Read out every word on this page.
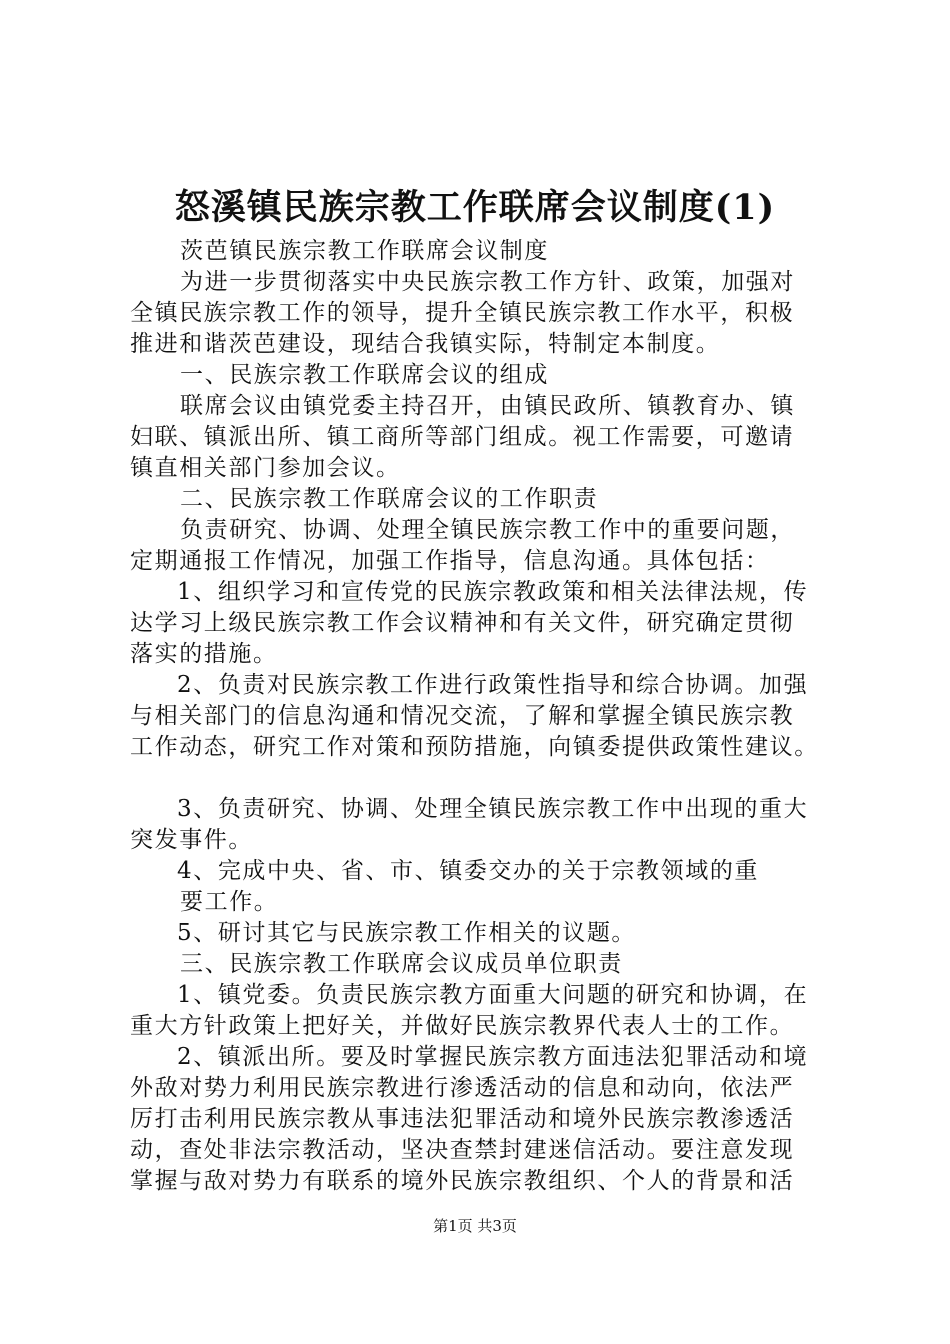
怒溪镇民族宗教工作联席会议制度(1)
茨芭镇民族宗教工作联席会议制度
为进一步贯彻落实中央民族宗教工作方针、政策，加强对
全镇民族宗教工作的领导，提升全镇民族宗教工作水平，积极
推进和谐茨芭建设，现结合我镇实际，特制定本制度。
一、民族宗教工作联席会议的组成
联席会议由镇党委主持召开，由镇民政所、镇教育办、镇
妇联、镇派出所、镇工商所等部门组成。视工作需要，可邀请
镇直相关部门参加会议。
二、民族宗教工作联席会议的工作职责
负责研究、协调、处理全镇民族宗教工作中的重要问题，
定期通报工作情况，加强工作指导，信息沟通。具体包括：
1、组织学习和宣传党的民族宗教政策和相关法律法规，传
达学习上级民族宗教工作会议精神和有关文件，研究确定贯彻
落实的措施。
2、负责对民族宗教工作进行政策性指导和综合协调。加强
与相关部门的信息沟通和情况交流，了解和掌握全镇民族宗教
工作动态，研究工作对策和预防措施，向镇委提供政策性建议。
3、负责研究、协调、处理全镇民族宗教工作中出现的重大
突发事件。
4、完成中央、省、市、镇委交办的关于宗教领域的重
要工作。
5、研讨其它与民族宗教工作相关的议题。
三、民族宗教工作联席会议成员单位职责
1、镇党委。负责民族宗教方面重大问题的研究和协调，在
重大方针政策上把好关，并做好民族宗教界代表人士的工作。
2、镇派出所。要及时掌握民族宗教方面违法犯罪活动和境
外敌对势力利用民族宗教进行渗透活动的信息和动向，依法严
厉打击利用民族宗教从事违法犯罪活动和境外民族宗教渗透活
动，查处非法宗教活动，坚决查禁封建迷信活动。要注意发现
掌握与敌对势力有联系的境外民族宗教组织、个人的背景和活
第1页 共3页
